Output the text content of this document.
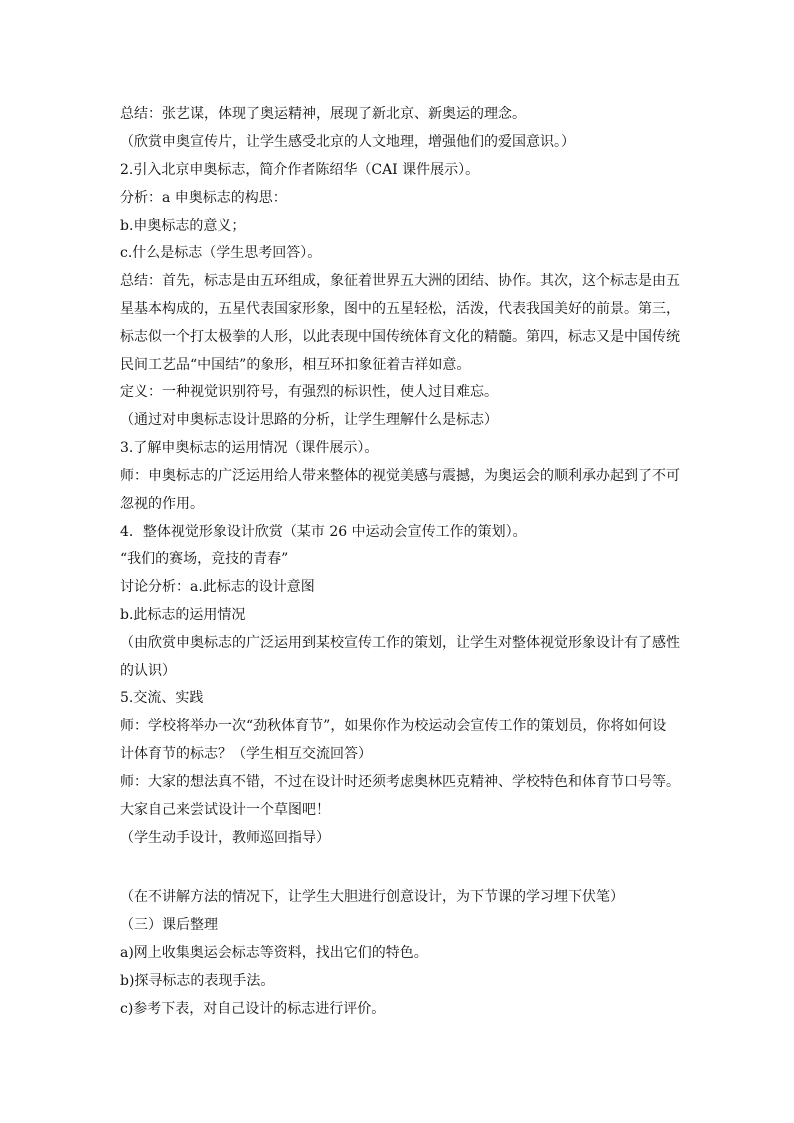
总结：张艺谋，体现了奥运精神，展现了新北京、新奥运的理念。
（欣赏申奥宣传片，让学生感受北京的人文地理，增强他们的爱国意识。）
2.引入北京申奥标志，简介作者陈绍华（CAI 课件展示）。
分析：a 申奥标志的构思：
b.申奥标志的意义；
c.什么是标志（学生思考回答）。
总结：首先，标志是由五环组成，象征着世界五大洲的团结、协作。其次，这个标志是由五
星基本构成的，五星代表国家形象，图中的五星轻松，活泼，代表我国美好的前景。第三，
标志似一个打太极拳的人形，以此表现中国传统体育文化的精髓。第四，标志又是中国传统
民间工艺品“中国结”的象形，相互环扣象征着吉祥如意。
定义：一种视觉识别符号，有强烈的标识性，使人过目难忘。
（通过对申奥标志设计思路的分析，让学生理解什么是标志）
3.了解申奥标志的运用情况（课件展示）。
师：申奥标志的广泛运用给人带来整体的视觉美感与震撼，为奥运会的顺利承办起到了不可
忽视的作用。
4．整体视觉形象设计欣赏（某市 26 中运动会宣传工作的策划）。
“我们的赛场，竞技的青春”
讨论分析：a.此标志的设计意图
b.此标志的运用情况
（由欣赏申奥标志的广泛运用到某校宣传工作的策划，让学生对整体视觉形象设计有了感性
的认识）
5.交流、实践
师：学校将举办一次“劲秋体育节”，如果你作为校运动会宣传工作的策划员，你将如何设
计体育节的标志？（学生相互交流回答）
师：大家的想法真不错，不过在设计时还须考虑奥林匹克精神、学校特色和体育节口号等。
大家自己来尝试设计一个草图吧！
（学生动手设计，教师巡回指导）
（在不讲解方法的情况下，让学生大胆进行创意设计，为下节课的学习埋下伏笔）
（三）课后整理
a)网上收集奥运会标志等资料，找出它们的特色。
b)探寻标志的表现手法。
c)参考下表，对自己设计的标志进行评价。
